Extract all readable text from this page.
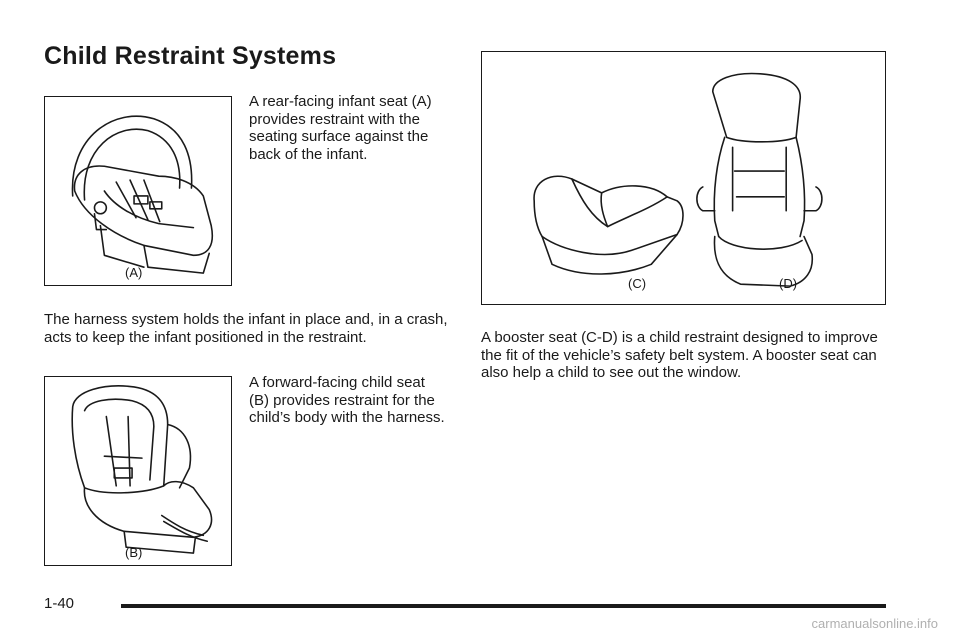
Child Restraint Systems
(A)

A rear-facing infant seat (A) provides restraint with the seating surface against the back of the infant.

The harness system holds the infant in place and, in a crash, acts to keep the infant positioned in the restraint.

(B)

A forward-facing child seat (B) provides restraint for the child’s body with the harness.

(C)	(D)

A booster seat (C-D) is a child restraint designed to improve the fit of the vehicle’s safety belt system. A booster seat can also help a child to see out the window.

1-40
carmanualsonline.info
